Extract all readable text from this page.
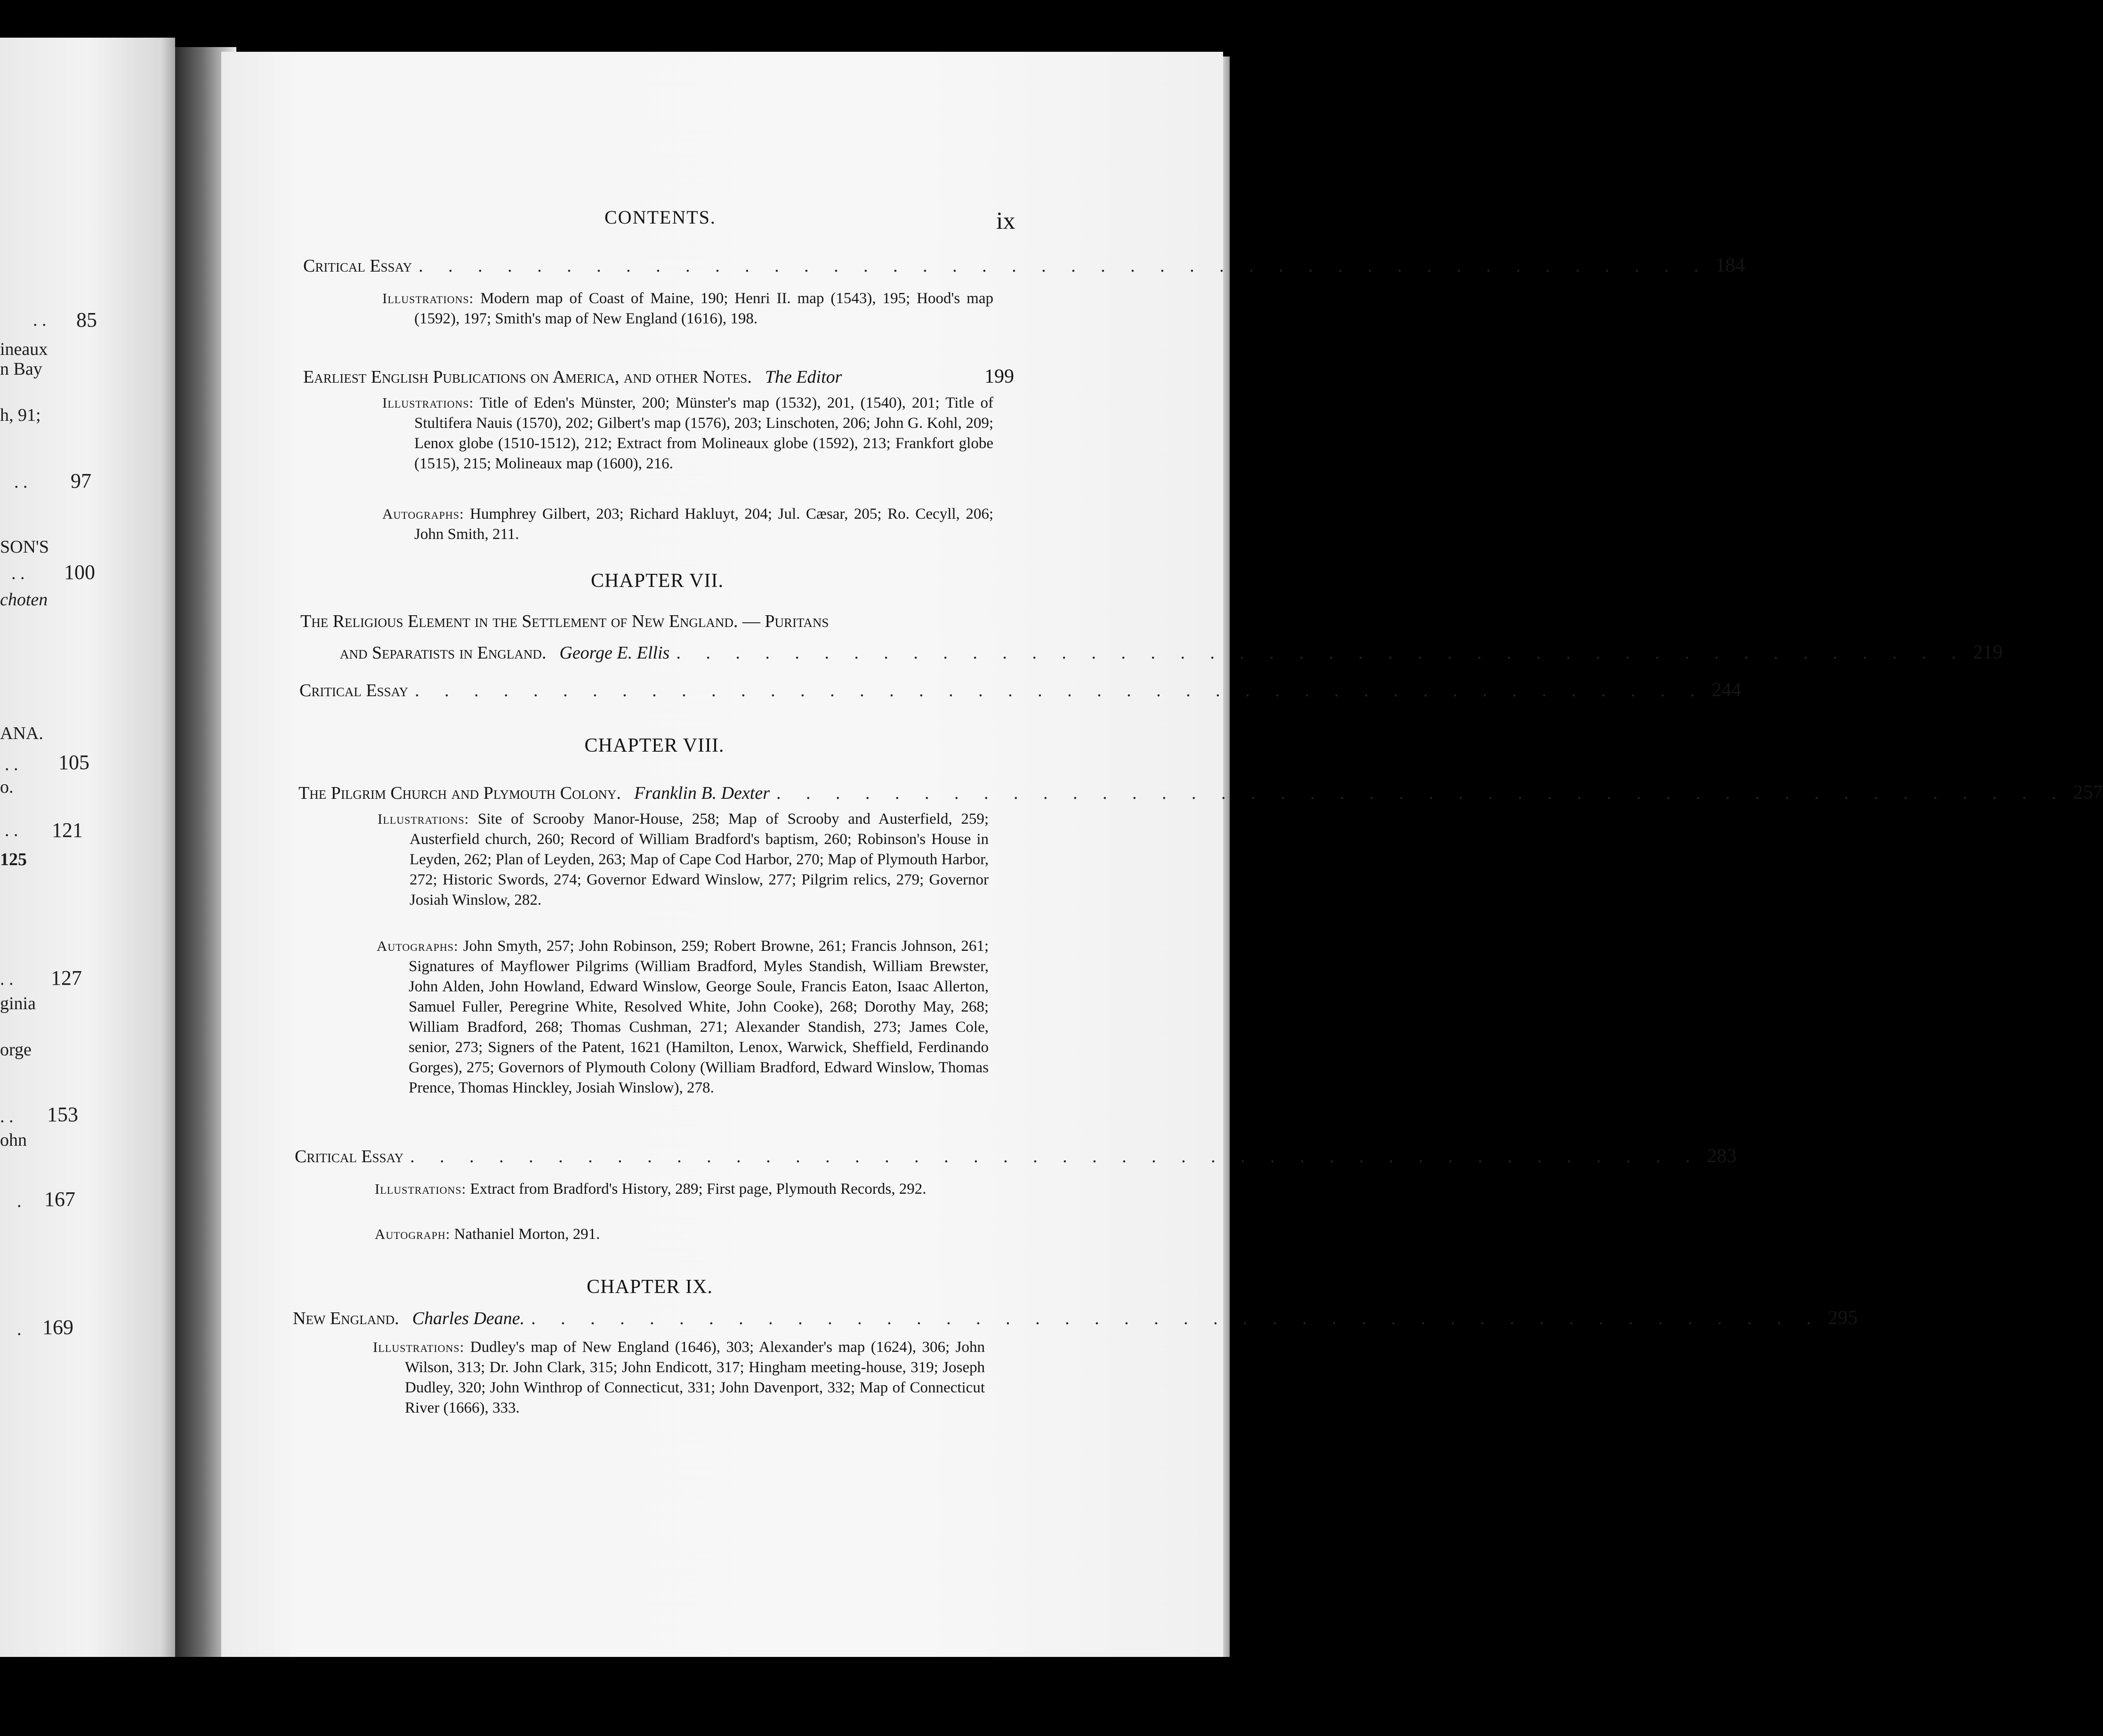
. . 85
ineaux
n Bay
h, 91;
. . 97
SON'S
. . 100
choten
ANA.
. . 105
o.
. . 121
125
. . 127
ginia
orge
. . 153
ohn
. 167
. 169
CONTENTS.	ix
Critical Essay . . . . . . . . . . . . . . . . . . . . . . . . . . . . . . . . . . . . . . . . . . . . 184
Illustrations: Modern map of Coast of Maine, 190; Henri II. map (1543), 195; Hood's map (1592), 197; Smith's map of New England (1616), 198.
Earliest English Publications on America, and other Notes. The Editor	199
Illustrations: Title of Eden's Münster, 200; Münster's map (1532), 201, (1540), 201; Title of Stultifera Nauis (1570), 202; Gilbert's map (1576), 203; Linschoten, 206; John G. Kohl, 209; Lenox globe (1510-1512), 212; Extract from Molineaux globe (1592), 213; Frankfort globe (1515), 215; Molineaux map (1600), 216.
Autographs: Humphrey Gilbert, 203; Richard Hakluyt, 204; Jul. Cæsar, 205; Ro. Cecyll, 206; John Smith, 211.
CHAPTER VII.
The Religious Element in the Settlement of New England. — Puritans
and Separatists in England. George E. Ellis . . . . . . . . . . . . . . . . . . . . . . . . . . . . . . . . . . . . . . . . . . . . 219
Critical Essay . . . . . . . . . . . . . . . . . . . . . . . . . . . . . . . . . . . . . . . . . . . . 244
CHAPTER VIII.
The Pilgrim Church and Plymouth Colony. Franklin B. Dexter . . . . . . . . . . . . . . . . . . . . . . . . . . . . . . . . . . . . . . . . . . . . 257
Illustrations: Site of Scrooby Manor-House, 258; Map of Scrooby and Austerfield, 259; Austerfield church, 260; Record of William Bradford's baptism, 260; Robinson's House in Leyden, 262; Plan of Leyden, 263; Map of Cape Cod Harbor, 270; Map of Plymouth Harbor, 272; Historic Swords, 274; Governor Edward Winslow, 277; Pilgrim relics, 279; Governor Josiah Winslow, 282.
Autographs: John Smyth, 257; John Robinson, 259; Robert Browne, 261; Francis Johnson, 261; Signatures of Mayflower Pilgrims (William Bradford, Myles Standish, William Brewster, John Alden, John Howland, Edward Winslow, George Soule, Francis Eaton, Isaac Allerton, Samuel Fuller, Peregrine White, Resolved White, John Cooke), 268; Dorothy May, 268; William Bradford, 268; Thomas Cushman, 271; Alexander Standish, 273; James Cole, senior, 273; Signers of the Patent, 1621 (Hamilton, Lenox, Warwick, Sheffield, Ferdinando Gorges), 275; Governors of Plymouth Colony (William Bradford, Edward Winslow, Thomas Prence, Thomas Hinckley, Josiah Winslow), 278.
Critical Essay . . . . . . . . . . . . . . . . . . . . . . . . . . . . . . . . . . . . . . . . . . . . 283
Illustrations: Extract from Bradford's History, 289; First page, Plymouth Records, 292.
Autograph: Nathaniel Morton, 291.
CHAPTER IX.
New England. Charles Deane. . . . . . . . . . . . . . . . . . . . . . . . . . . . . . . . . . . . . . . . . . . . . 295
Illustrations: Dudley's map of New England (1646), 303; Alexander's map (1624), 306; John Wilson, 313; Dr. John Clark, 315; John Endicott, 317; Hingham meeting-house, 319; Joseph Dudley, 320; John Winthrop of Connecticut, 331; John Davenport, 332; Map of Connecticut River (1666), 333.
